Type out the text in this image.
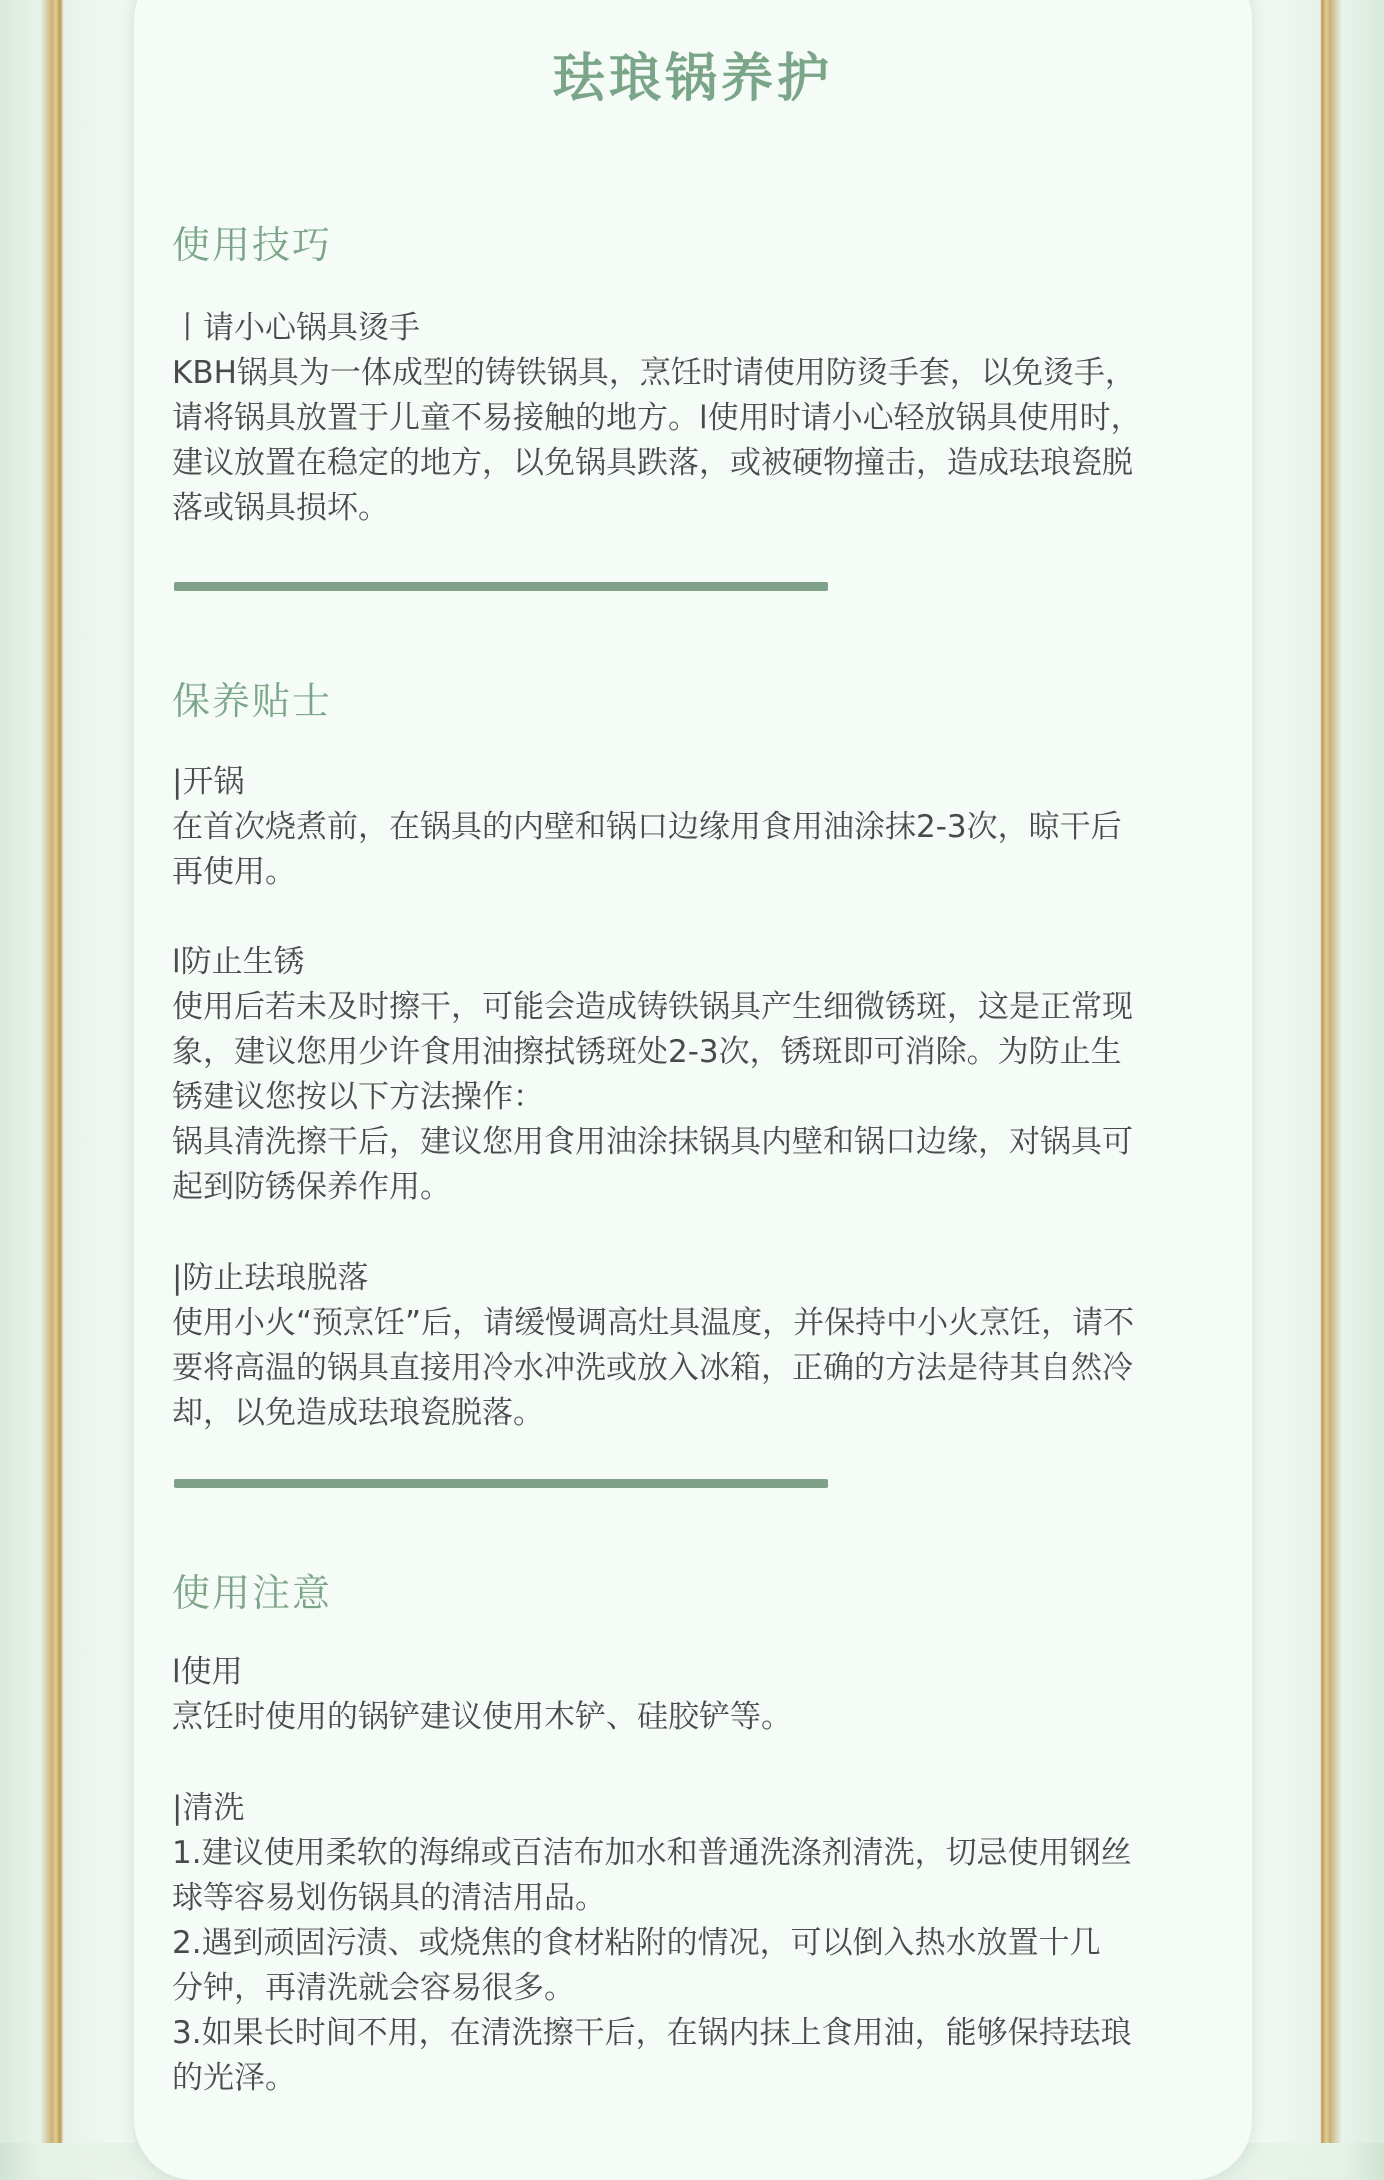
珐琅锅养护
使用技巧
丨请小心锅具烫手
KBH锅具为一体成型的铸铁锅具，烹饪时请使用防烫手套，以免烫手，
请将锅具放置于儿童不易接触的地方。l使用时请小心轻放锅具使用时，
建议放置在稳定的地方，以免锅具跌落，或被硬物撞击，造成珐琅瓷脱
落或锅具损坏。
保养贴士
|开锅
在首次烧煮前，在锅具的内壁和锅口边缘用食用油涂抹2-3次，晾干后
再使用。
l防止生锈
使用后若未及时擦干，可能会造成铸铁锅具产生细微锈斑，这是正常现
象，建议您用少许食用油擦拭锈斑处2-3次，锈斑即可消除。为防止生
锈建议您按以下方法操作：
锅具清洗擦干后，建议您用食用油涂抹锅具内壁和锅口边缘，对锅具可
起到防锈保养作用。
|防止珐琅脱落
使用小火“预烹饪”后，请缓慢调高灶具温度，并保持中小火烹饪，请不
要将高温的锅具直接用冷水冲洗或放入冰箱，正确的方法是待其自然冷
却，以免造成珐琅瓷脱落。
使用注意
l使用
烹饪时使用的锅铲建议使用木铲、硅胶铲等。
|清洗
1.建议使用柔软的海绵或百洁布加水和普通洗涤剂清洗，切忌使用钢丝
球等容易划伤锅具的清洁用品。
2.遇到顽固污渍、或烧焦的食材粘附的情况，可以倒入热水放置十几
分钟，再清洗就会容易很多。
3.如果长时间不用，在清洗擦干后，在锅内抹上食用油，能够保持珐琅
的光泽。
